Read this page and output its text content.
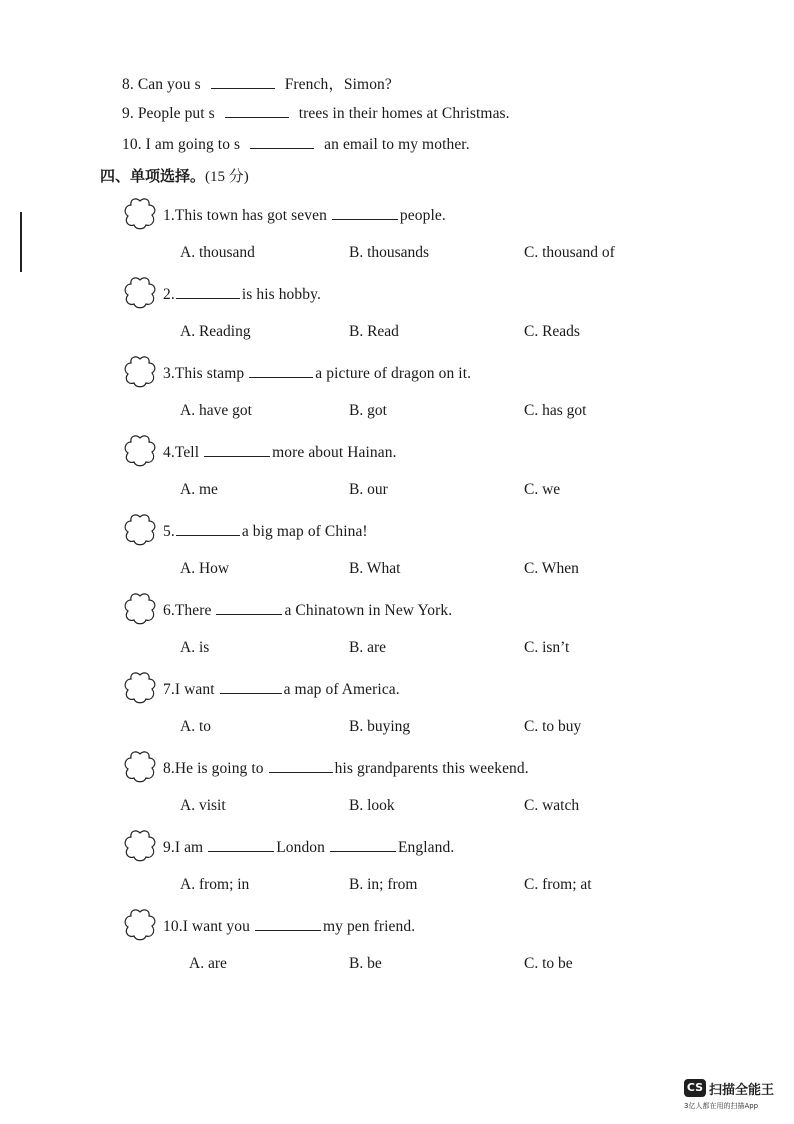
8. Can you s	French，Simon?
9. People put s	trees in their homes at Christmas.
10. I am going to s	an email to my mother.
四、单项选择。(15 分)
1.This town has got seven	people.
A. thousand	B. thousands	C. thousand of
2.	is his hobby.
A. Reading	B. Read	C. Reads
3.This stamp	a picture of dragon on it.
A. have got	B. got	C. has got
4.Tell	more about Hainan.
A. me	B. our	C. we
5.	a big map of China!
A. How	B. What	C. When
6.There	a Chinatown in New York.
A. is	B. are	C. isn’t
7.I want	a map of America.
A. to	B. buying	C. to buy
8.He is going to	his grandparents this weekend.
A. visit	B. look	C. watch
9.I am	London	England.
A. from; in	B. in; from	C. from; at
10.I want you	my pen friend.
A. are	B. be	C. to be
CS 扫描全能王
3亿人都在用的扫描App
